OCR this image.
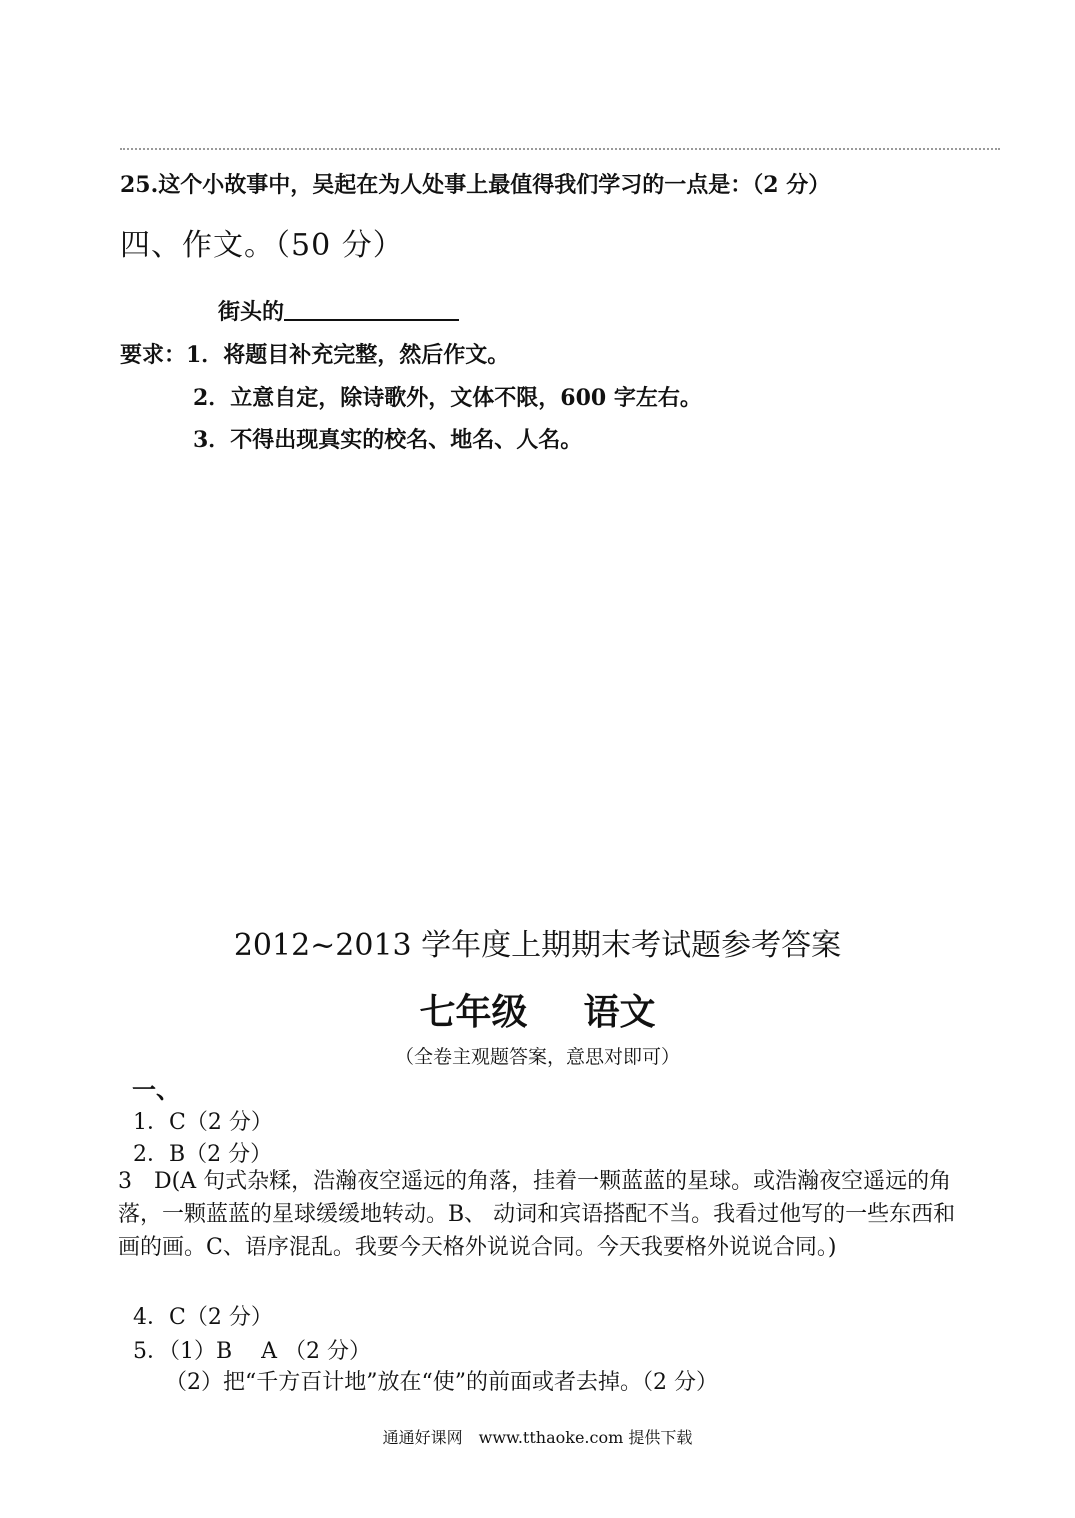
25.这个小故事中，吴起在为人处事上最值得我们学习的一点是：（2 分）
四、作文。（50 分）
街头的
要求：1．将题目补充完整，然后作文。
2．立意自定，除诗歌外，文体不限，600 字左右。
3．不得出现真实的校名、地名、人名。
2012~2013 学年度上期期末考试题参考答案
七年级 语文
（全卷主观题答案，意思对即可）
一、
1．C（2 分）
2．B（2 分）
3　D(A 句式杂糅，浩瀚夜空遥远的角落，挂着一颗蓝蓝的星球。或浩瀚夜空遥远的角落，一颗蓝蓝的星球缓缓地转动。B、 动词和宾语搭配不当。我看过他写的一些东西和画的画。C、语序混乱。我要今天格外说说合同。今天我要格外说说合同。)
4．C（2 分）
5．（1）B　 A （2 分）
（2）把“千方百计地”放在“使”的前面或者去掉。（2 分）
通通好课网　www.tthaoke.com 提供下载
